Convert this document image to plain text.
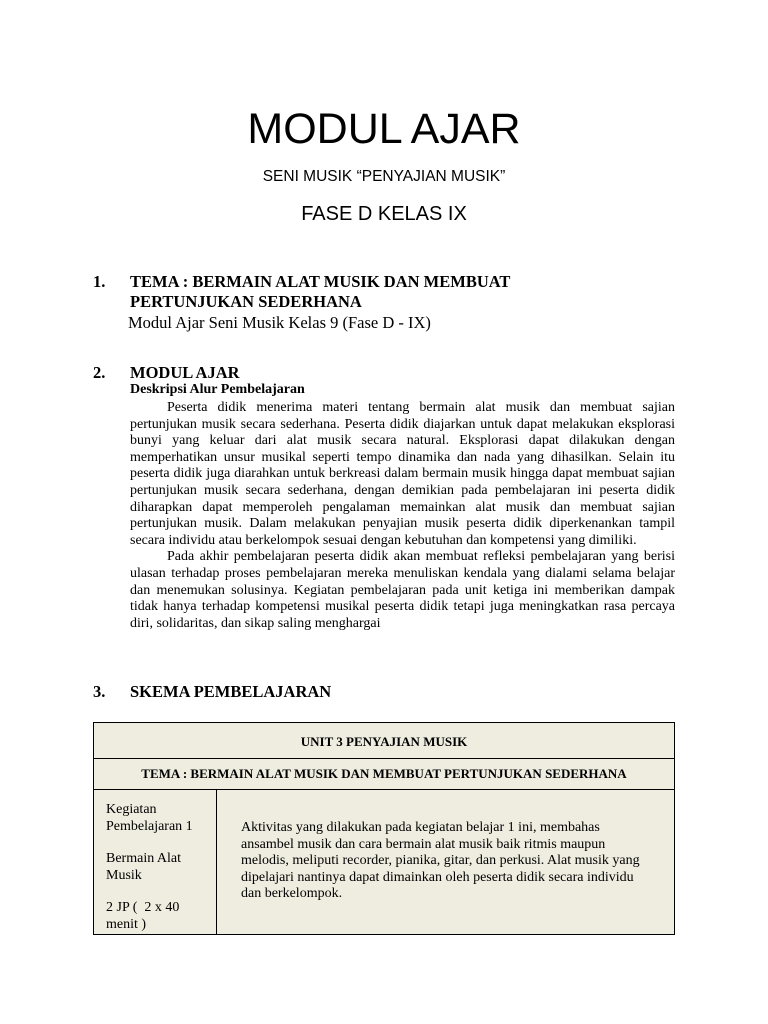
MODUL AJAR
SENI MUSIK “PENYAJIAN MUSIK”
FASE D KELAS IX
1. TEMA : BERMAIN ALAT MUSIK DAN MEMBUAT
PERTUNJUKAN SEDERHANA
Modul Ajar Seni Musik Kelas 9 (Fase D - IX)
2. MODUL AJAR
Deskripsi Alur Pembelajaran

Peserta didik menerima materi tentang bermain alat musik dan membuat sajian pertunjukan musik secara sederhana. Peserta didik diajarkan untuk dapat melakukan eksplorasi bunyi yang keluar dari alat musik secara natural. Eksplorasi dapat dilakukan dengan memperhatikan unsur musikal seperti tempo dinamika dan nada yang dihasilkan. Selain itu peserta didik juga diarahkan untuk berkreasi dalam bermain musik hingga dapat membuat sajian pertunjukan musik secara sederhana, dengan demikian pada pembelajaran ini peserta didik diharapkan dapat memperoleh pengalaman memainkan alat musik dan membuat sajian pertunjukan musik. Dalam melakukan penyajian musik peserta didik diperkenankan tampil secara individu atau berkelompok sesuai dengan kebutuhan dan kompetensi yang dimiliki.

Pada akhir pembelajaran peserta didik akan membuat refleksi pembelajaran yang berisi ulasan terhadap proses pembelajaran mereka menuliskan kendala yang dialami selama belajar dan menemukan solusinya. Kegiatan pembelajaran pada unit ketiga ini memberikan dampak tidak hanya terhadap kompetensi musikal peserta didik tetapi juga meningkatkan rasa percaya diri, solidaritas, dan sikap saling menghargai

3. SKEMA PEMBELAJARAN
UNIT 3 PENYAJIAN MUSIK
TEMA : BERMAIN ALAT MUSIK DAN MEMBUAT PERTUNJUKAN SEDERHANA

Kegiatan
Pembelajaran 1
Bermain Alat
Musik
2 JP (  2 x 40
menit )
	Aktivitas yang dilakukan pada kegiatan belajar 1 ini, membahas ansambel musik dan cara bermain alat musik baik ritmis maupun melodis, meliputi recorder, pianika, gitar, dan perkusi. Alat musik yang dipelajari nantinya dapat dimainkan oleh peserta didik secara individu dan berkelompok.
